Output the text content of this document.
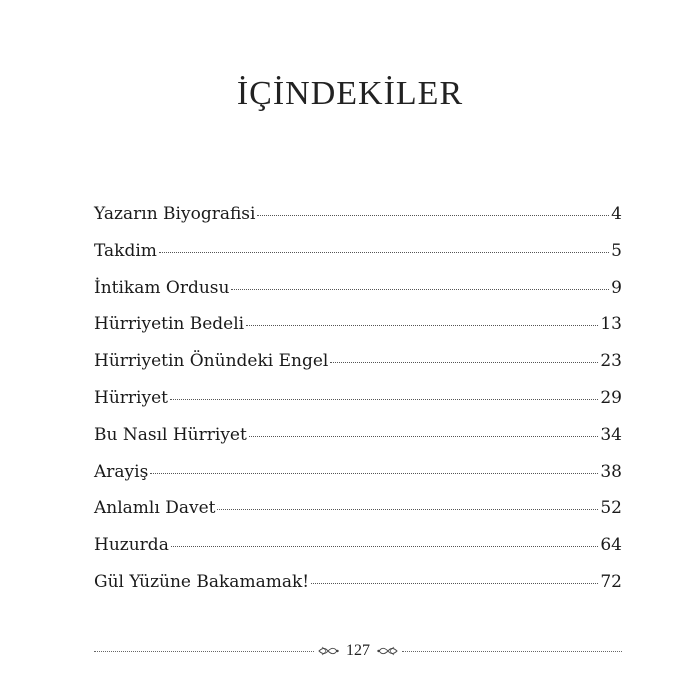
İÇİNDEKİLER
Yazarın Biyografisi	4
Takdim	5
İntikam Ordusu	9
Hürriyetin Bedeli	13
Hürriyetin Önündeki Engel	23
Hürriyet	29
Bu Nasıl Hürriyet	34
Arayiş	38
Anlamlı Davet	52
Huzurda	64
Gül Yüzüne Bakamamak!	72
127
